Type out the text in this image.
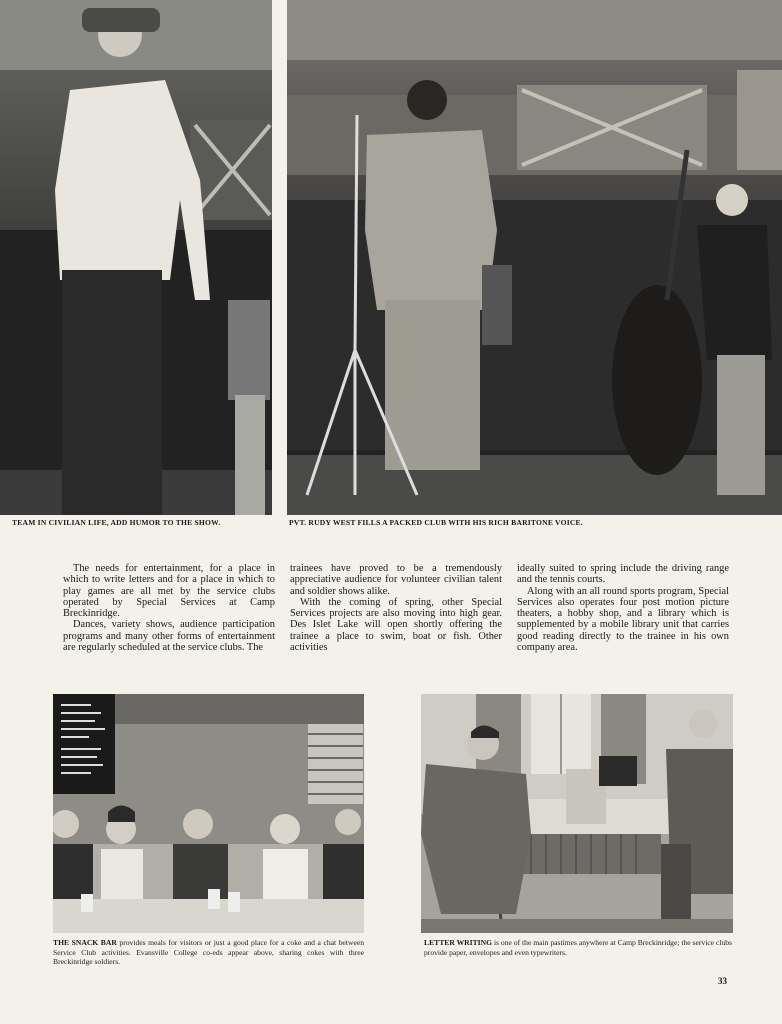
TEAM IN CIVILIAN LIFE, ADD HUMOR TO THE SHOW.	PVT. RUDY WEST FILLS A PACKED CLUB WITH HIS RICH BARITONE VOICE.

The needs for entertainment, for a place in which to write letters and for a place in which to play games are all met by the service clubs operated by Special Services at Camp Breckinridge.

Dances, variety shows, audience participation programs and many other forms of entertainment are regularly scheduled at the service clubs. The

trainees have proved to be a tremendously appreciative audience for volunteer civilian talent and soldier shows alike.

With the coming of spring, other Special Services projects are also moving into high gear. Des Islet Lake will open shortly offering the trainee a place to swim, boat or fish. Other activities

ideally suited to spring include the driving range and the tennis courts.

Along with an all round sports program, Special Services also operates four post motion picture theaters, a hobby shop, and a library which is supplemented by a mobile library unit that carries good reading directly to the trainee in his own company area.

THE SNACK BAR provides meals for visitors or just a good place for a coke and a chat between Service Club activities. Evansville College co-eds appear above, sharing cokes with three Breckinridge soldiers.
LETTER WRITING is one of the main pastimes anywhere at Camp Breckinridge; the service clubs provide paper, envelopes and even typewriters.
33
